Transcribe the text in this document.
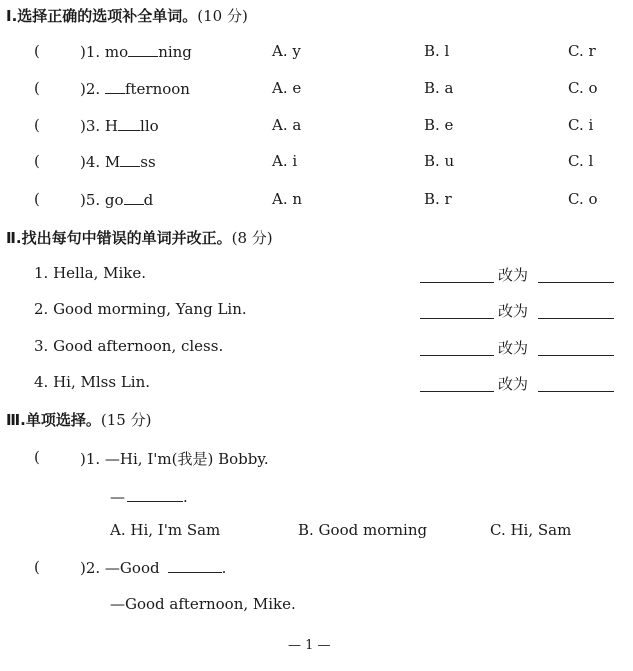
Ⅰ.选择正确的选项补全单词。(10 分)
(	)1. mo ning	A. y	B. l	C. r
(	)2. fternoon	A. e	B. a	C. o
(	)3. H llo	A. a	B. e	C. i
(	)4. M ss	A. i	B. u	C. l
(	)5. go d	A. n	B. r	C. o
Ⅱ.找出每句中错误的单词并改正。(8 分)
1. Hella, Mike.	改为
2. Good morming, Yang Lin.	改为
3. Good afternoon, cless.	改为
4. Hi, Mlss Lin.	改为
Ⅲ.单项选择。(15 分)
(	)1. —Hi, I'm(我是) Bobby.
—	.
A. Hi, I'm Sam	B. Good morning	C. Hi, Sam
(	)2. —Good	.
—Good afternoon, Mike.
— 1 —
